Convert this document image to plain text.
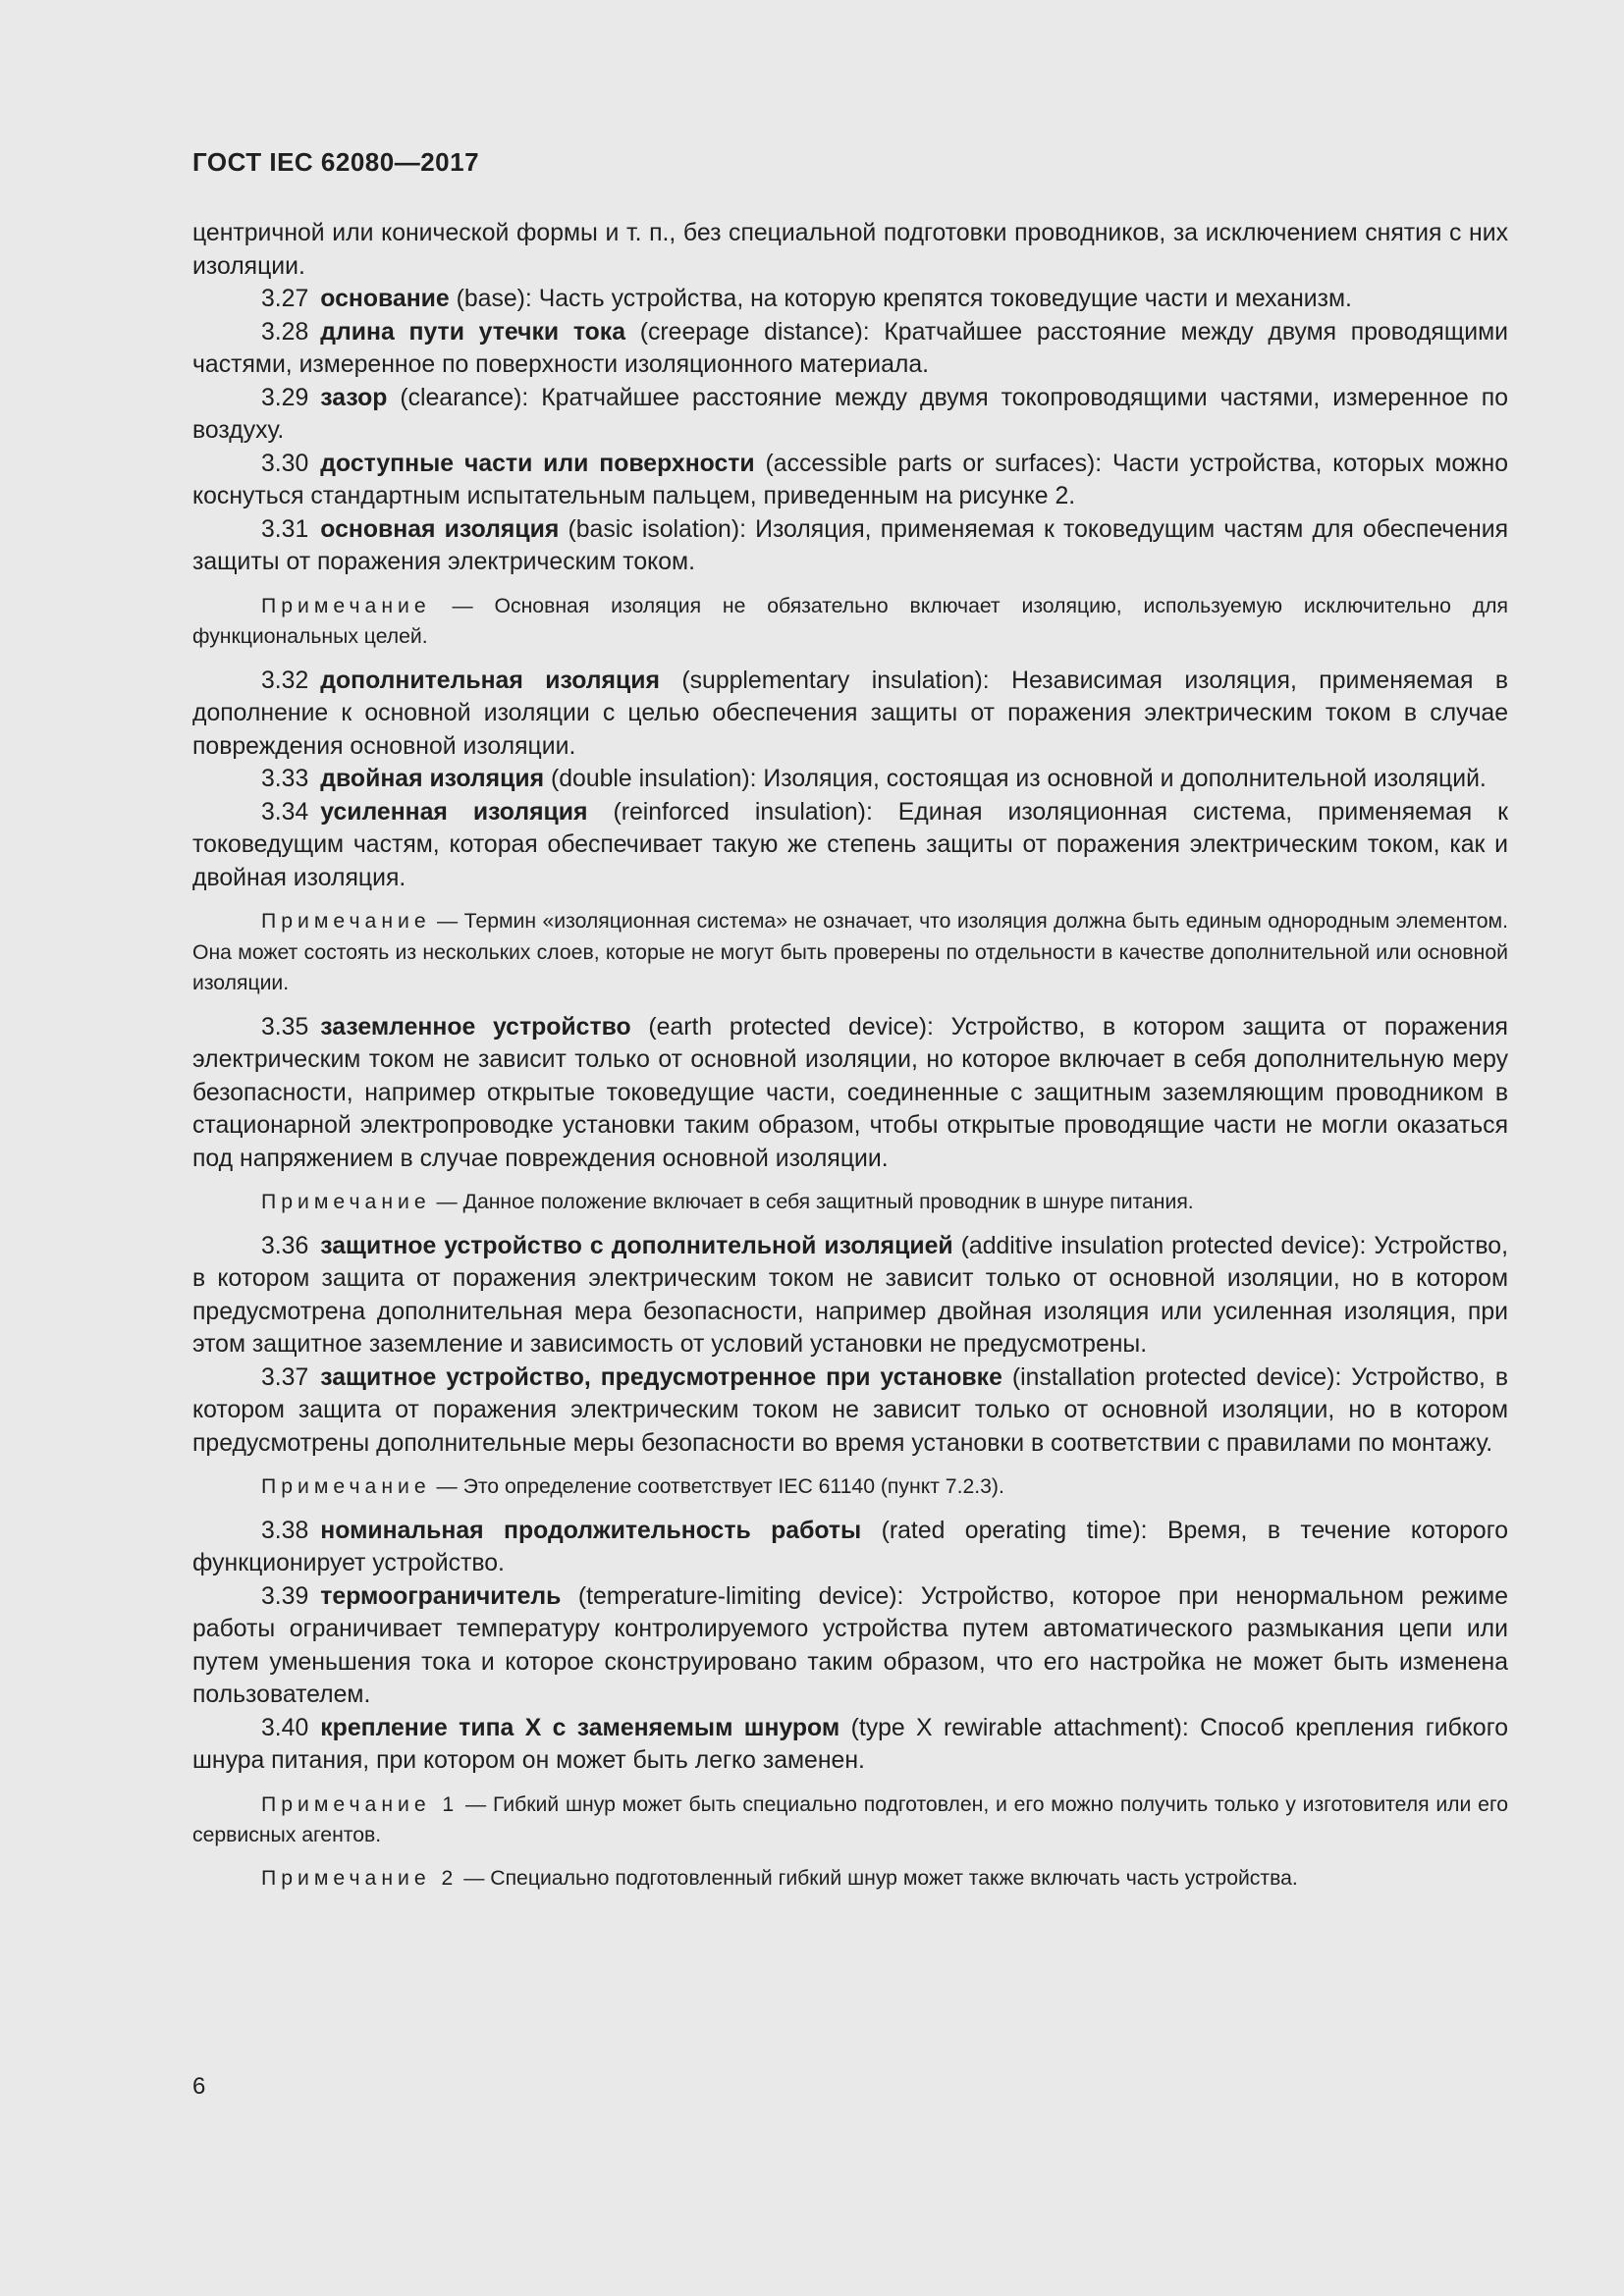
ГОСТ IEC 62080—2017

центричной или конической формы и т. п., без специальной подготовки проводников, за исключением снятия с них изоляции.

3.27 основание (base): Часть устройства, на которую крепятся токоведущие части и механизм.

3.28 длина пути утечки тока (creepage distance): Кратчайшее расстояние между двумя проводящими частями, измеренное по поверхности изоляционного материала.

3.29 зазор (clearance): Кратчайшее расстояние между двумя токопроводящими частями, измеренное по воздуху.

3.30 доступные части или поверхности (accessible parts or surfaces): Части устройства, которых можно коснуться стандартным испытательным пальцем, приведенным на рисунке 2.

3.31 основная изоляция (basic isolation): Изоляция, применяемая к токоведущим частям для обеспечения защиты от поражения электрическим током.

Примечание — Основная изоляция не обязательно включает изоляцию, используемую исключительно для функциональных целей.

3.32 дополнительная изоляция (supplementary insulation): Независимая изоляция, применяемая в дополнение к основной изоляции с целью обеспечения защиты от поражения электрическим током в случае повреждения основной изоляции.

3.33 двойная изоляция (double insulation): Изоляция, состоящая из основной и дополнительной изоляций.

3.34 усиленная изоляция (reinforced insulation): Единая изоляционная система, применяемая к токоведущим частям, которая обеспечивает такую же степень защиты от поражения электрическим током, как и двойная изоляция.

Примечание — Термин «изоляционная система» не означает, что изоляция должна быть единым однородным элементом. Она может состоять из нескольких слоев, которые не могут быть проверены по отдельности в качестве дополнительной или основной изоляции.

3.35 заземленное устройство (earth protected device): Устройство, в котором защита от поражения электрическим током не зависит только от основной изоляции, но которое включает в себя дополнительную меру безопасности, например открытые токоведущие части, соединенные с защитным заземляющим проводником в стационарной электропроводке установки таким образом, чтобы открытые проводящие части не могли оказаться под напряжением в случае повреждения основной изоляции.

Примечание — Данное положение включает в себя защитный проводник в шнуре питания.

3.36 защитное устройство с дополнительной изоляцией (additive insulation protected device): Устройство, в котором защита от поражения электрическим током не зависит только от основной изоляции, но в котором предусмотрена дополнительная мера безопасности, например двойная изоляция или усиленная изоляция, при этом защитное заземление и зависимость от условий установки не предусмотрены.

3.37 защитное устройство, предусмотренное при установке (installation protected device): Устройство, в котором защита от поражения электрическим током не зависит только от основной изоляции, но в котором предусмотрены дополнительные меры безопасности во время установки в соответствии с правилами по монтажу.

Примечание — Это определение соответствует IEC 61140 (пункт 7.2.3).

3.38 номинальная продолжительность работы (rated operating time): Время, в течение которого функционирует устройство.

3.39 термоограничитель (temperature-limiting device): Устройство, которое при ненормальном режиме работы ограничивает температуру контролируемого устройства путем автоматического размыкания цепи или путем уменьшения тока и которое сконструировано таким образом, что его настройка не может быть изменена пользователем.

3.40 крепление типа X с заменяемым шнуром (type X rewirable attachment): Способ крепления гибкого шнура питания, при котором он может быть легко заменен.

Примечание 1 — Гибкий шнур может быть специально подготовлен, и его можно получить только у изготовителя или его сервисных агентов.

Примечание 2 — Специально подготовленный гибкий шнур может также включать часть устройства.

6
